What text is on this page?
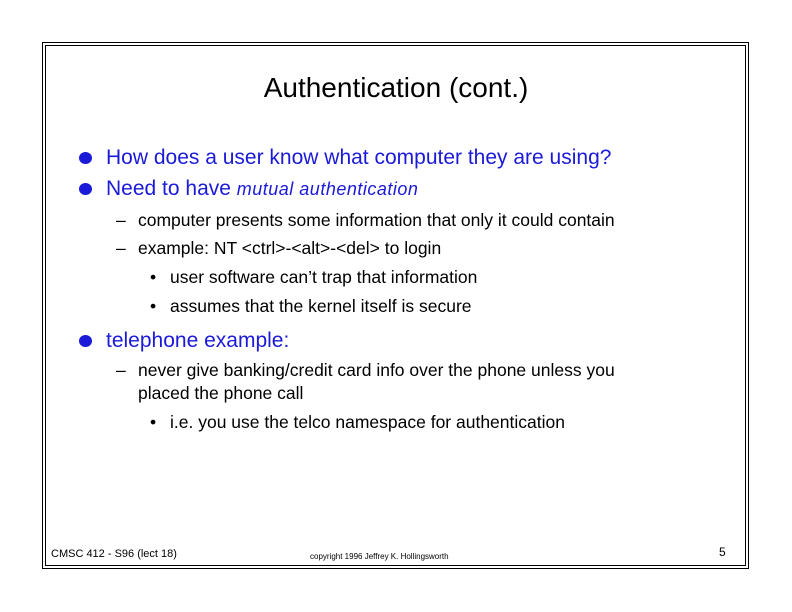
Authentication (cont.)
How does a user know what computer they are using?
Need to have mutual authentication
– computer presents some information that only it could contain
– example: NT <ctrl>-<alt>-<del> to login
• user software can’t trap that information
• assumes that the kernel itself is secure
telephone example:
– never give banking/credit card info over the phone unless you
placed the phone call
• i.e. you use the telco namespace for authentication
CMSC 412 - S96 (lect 18)	copyright 1996 Jeffrey K. Hollingsworth	5
